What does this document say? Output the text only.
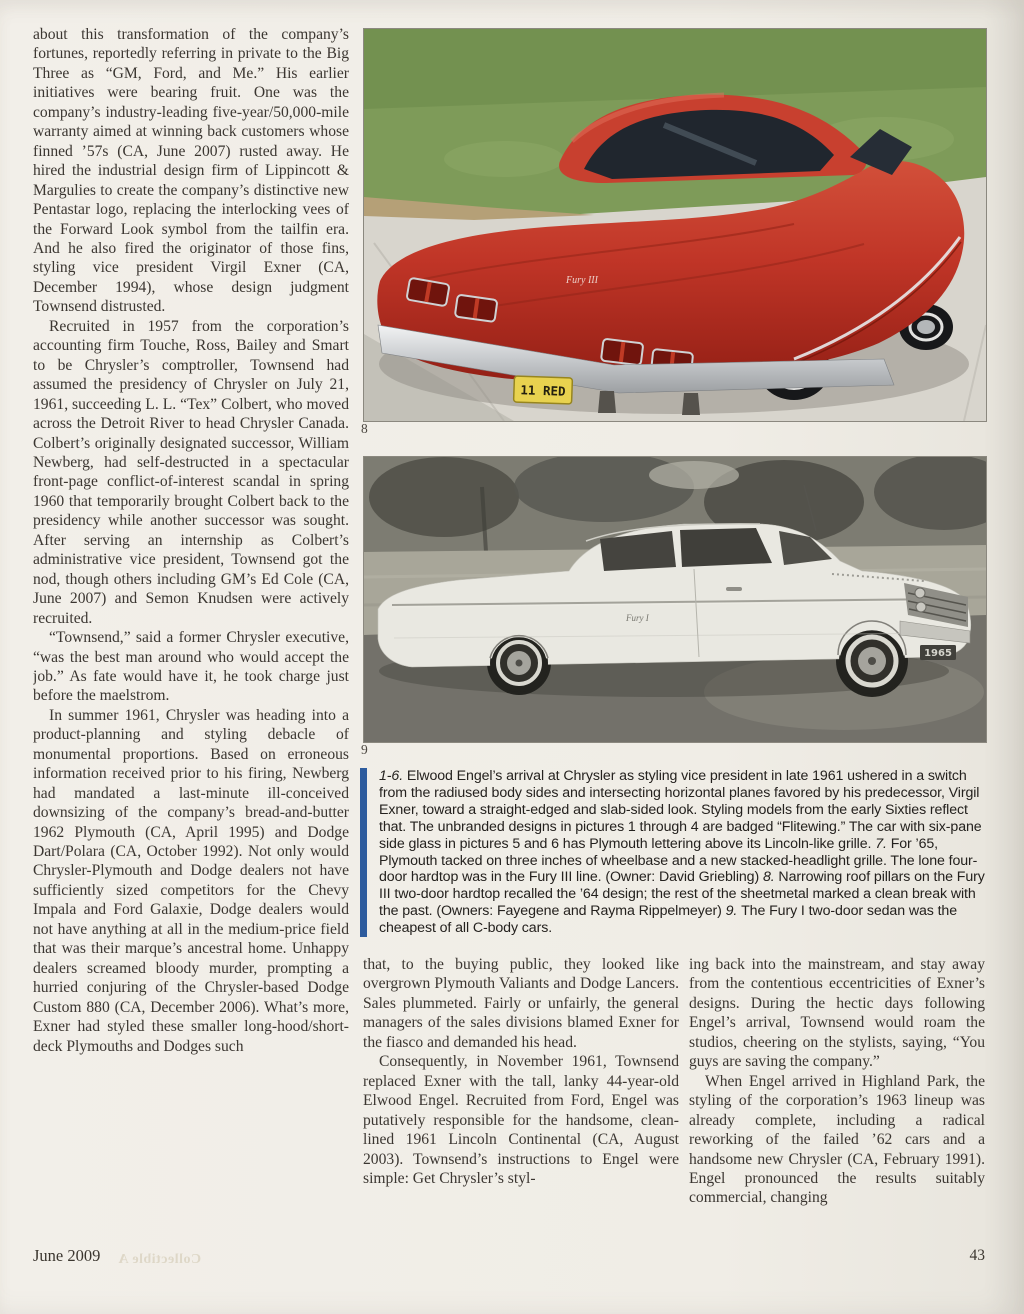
about this transformation of the company’s fortunes, reportedly referring in private to the Big Three as “GM, Ford, and Me.” His earlier initiatives were bearing fruit. One was the company’s industry-leading five-year/50,000-mile warranty aimed at winning back customers whose finned ’57s (CA, June 2007) rusted away. He hired the industrial design firm of Lippincott & Margulies to create the company’s distinctive new Pentastar logo, replacing the interlocking vees of the Forward Look symbol from the tailfin era. And he also fired the originator of those fins, styling vice president Virgil Exner (CA, December 1994), whose design judgment Townsend distrusted.

Recruited in 1957 from the corporation’s accounting firm Touche, Ross, Bailey and Smart to be Chrysler’s comptroller, Townsend had assumed the presidency of Chrysler on July 21, 1961, succeeding L. L. “Tex” Colbert, who moved across the Detroit River to head Chrysler Canada. Colbert’s originally designated successor, William Newberg, had self-destructed in a spectacular front-page conflict-of-interest scandal in spring 1960 that temporarily brought Colbert back to the presidency while another successor was sought. After serving an internship as Colbert’s administrative vice president, Townsend got the nod, though others including GM’s Ed Cole (CA, June 2007) and Semon Knudsen were actively recruited.

“Townsend,” said a former Chrysler executive, “was the best man around who would accept the job.” As fate would have it, he took charge just before the maelstrom.

In summer 1961, Chrysler was heading into a product-planning and styling debacle of monumental proportions. Based on erroneous information received prior to his firing, Newberg had mandated a last-minute ill-conceived downsizing of the company’s bread-and-butter 1962 Plymouth (CA, April 1995) and Dodge Dart/Polara (CA, October 1992). Not only would Chrysler-Plymouth and Dodge dealers not have sufficiently sized competitors for the Chevy Impala and Ford Galaxie, Dodge dealers would not have anything at all in the medium-price field that was their marque’s ancestral home. Unhappy dealers screamed bloody murder, prompting a hurried conjuring of the Chrysler-based Dodge Custom 880 (CA, December 2006). What’s more, Exner had styled these smaller long-hood/short-deck Plymouths and Dodges such

11 RED
Fury III
8
Fury I
1965
9
1-6. Elwood Engel’s arrival at Chrysler as styling vice president in late 1961 ushered in a switch from the radiused body sides and intersecting horizontal planes favored by his predecessor, Virgil Exner, toward a straight-edged and slab-sided look. Styling models from the early Sixties reflect that. The unbranded designs in pictures 1 through 4 are badged “Flitewing.” The car with six-pane side glass in pictures 5 and 6 has Plymouth lettering above its Lincoln-like grille. 7. For ’65, Plymouth tacked on three inches of wheelbase and a new stacked-headlight grille. The lone four-door hardtop was in the Fury III line. (Owner: David Griebling) 8. Narrowing roof pillars on the Fury III two-door hardtop recalled the ’64 design; the rest of the sheetmetal marked a clean break with the past. (Owners: Fayegene and Rayma Rippelmeyer) 9. The Fury I two-door sedan was the cheapest of all C-body cars.

that, to the buying public, they looked like overgrown Plymouth Valiants and Dodge Lancers. Sales plummeted. Fairly or unfairly, the general managers of the sales divisions blamed Exner for the fiasco and demanded his head.

Consequently, in November 1961, Townsend replaced Exner with the tall, lanky 44-year-old Elwood Engel. Recruited from Ford, Engel was putatively responsible for the handsome, clean-lined 1961 Lincoln Continental (CA, August 2003). Townsend’s instructions to Engel were simple: Get Chrysler’s styl-

ing back into the mainstream, and stay away from the contentious eccentricities of Exner’s designs. During the hectic days following Engel’s arrival, Townsend would roam the studios, cheering on the stylists, saying, “You guys are saving the company.”

When Engel arrived in Highland Park, the styling of the corporation’s 1963 lineup was already complete, including a radical reworking of the failed ’62 cars and a handsome new Chrysler (CA, February 1991). Engel pronounced the results suitably commercial, changing

June 2009 Collectible A	43
